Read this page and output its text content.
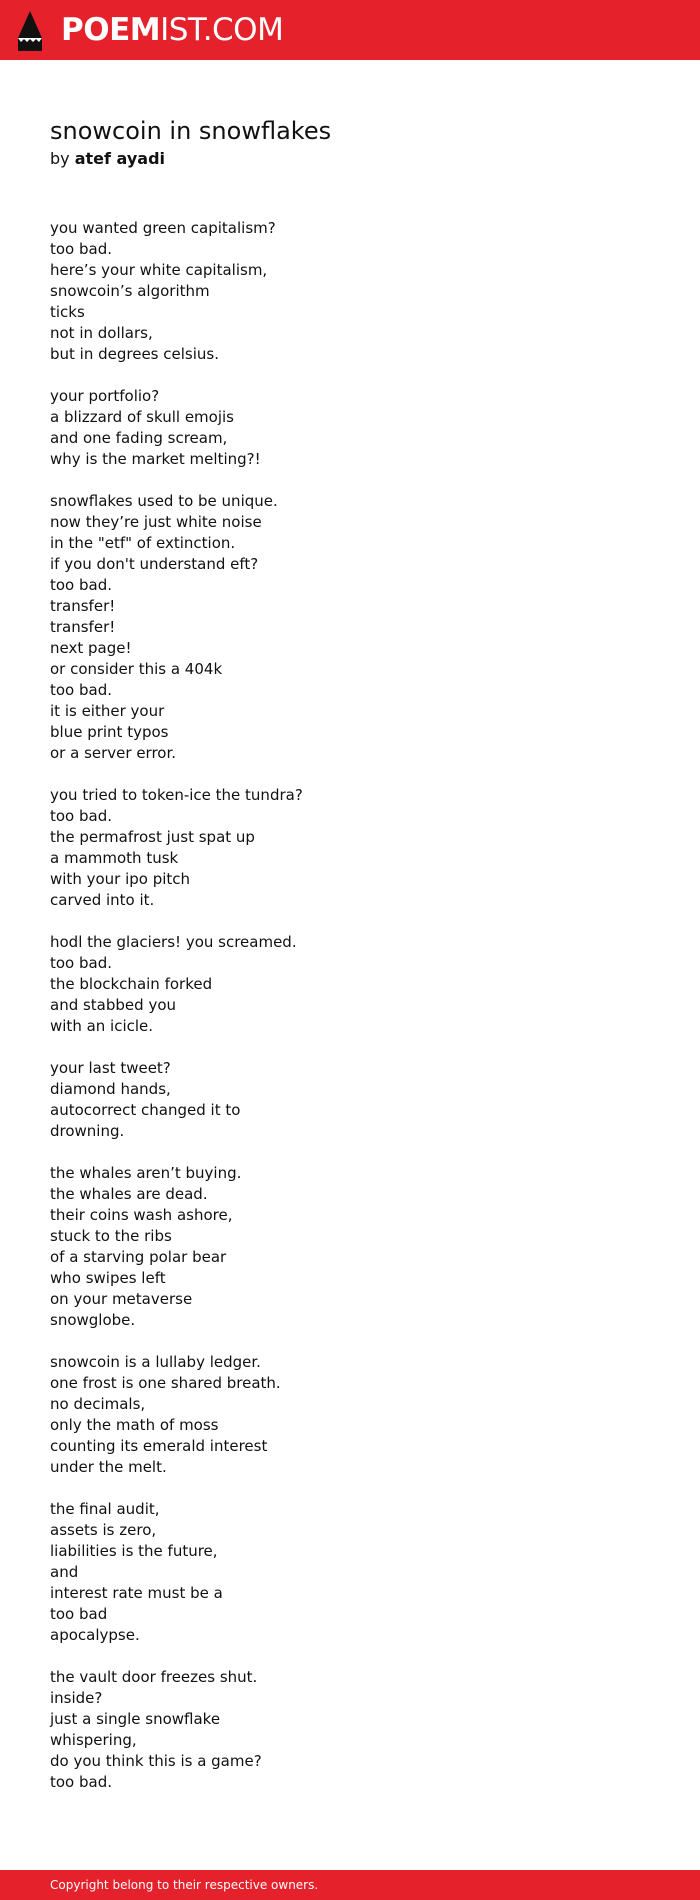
POEMIST.COM
snowcoin in snowflakes
by atef ayadi
you wanted green capitalism?
too bad.
here’s your white capitalism,
snowcoin’s algorithm
ticks
not in dollars,
but in degrees celsius.
your portfolio?
a blizzard of skull emojis
and one fading scream,
why is the market melting?!
snowflakes used to be unique.
now they’re just white noise
in the "etf" of extinction.
if you don't understand eft?
too bad.
transfer!
transfer!
next page!
or consider this a 404k
too bad.
it is either your
blue print typos
or a server error.
you tried to token-ice the tundra?
too bad.
the permafrost just spat up
a mammoth tusk
with your ipo pitch
carved into it.
hodl the glaciers! you screamed.
too bad.
the blockchain forked
and stabbed you
with an icicle.
your last tweet?
diamond hands,
autocorrect changed it to
drowning.
the whales aren’t buying.
the whales are dead.
their coins wash ashore,
stuck to the ribs
of a starving polar bear
who swipes left
on your metaverse
snowglobe.
snowcoin is a lullaby ledger.
one frost is one shared breath.
no decimals,
only the math of moss
counting its emerald interest
under the melt.
the final audit,
assets is zero,
liabilities is the future,
and
interest rate must be a
too bad
apocalypse.
the vault door freezes shut.
inside?
just a single snowflake
whispering,
do you think this is a game?
too bad.
Copyright belong to their respective owners.
